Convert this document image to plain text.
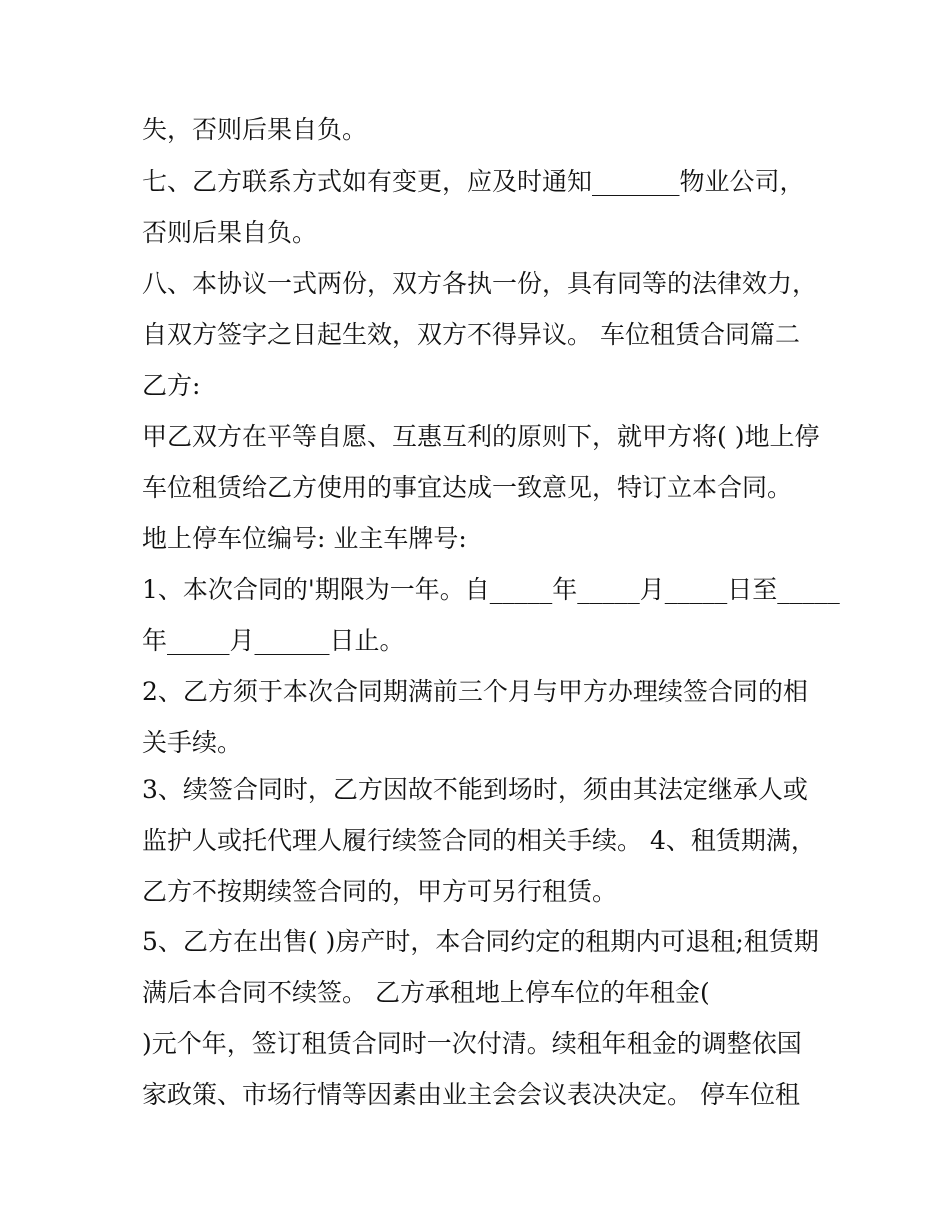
失，否则后果自负。
七、乙方联系方式如有变更，应及时通知_______物业公司，
否则后果自负。
八、本协议一式两份，双方各执一份，具有同等的法律效力，
自双方签字之日起生效，双方不得异议。 车位租赁合同篇二
乙方:
甲乙双方在平等自愿、互惠互利的原则下，就甲方将( )地上停
车位租赁给乙方使用的事宜达成一致意见，特订立本合同。
地上停车位编号: 业主车牌号:
1、本次合同的'期限为一年。自_____年_____月_____日至_____
年_____月______日止。
2、乙方须于本次合同期满前三个月与甲方办理续签合同的相
关手续。
3、续签合同时，乙方因故不能到场时，须由其法定继承人或
监护人或托代理人履行续签合同的相关手续。 4、租赁期满，
乙方不按期续签合同的，甲方可另行租赁。
5、乙方在出售( )房产时，本合同约定的租期内可退租;租赁期
满后本合同不续签。 乙方承租地上停车位的年租金(
)元个年，签订租赁合同时一次付清。续租年租金的调整依国
家政策、市场行情等因素由业主会会议表决决定。 停车位租
